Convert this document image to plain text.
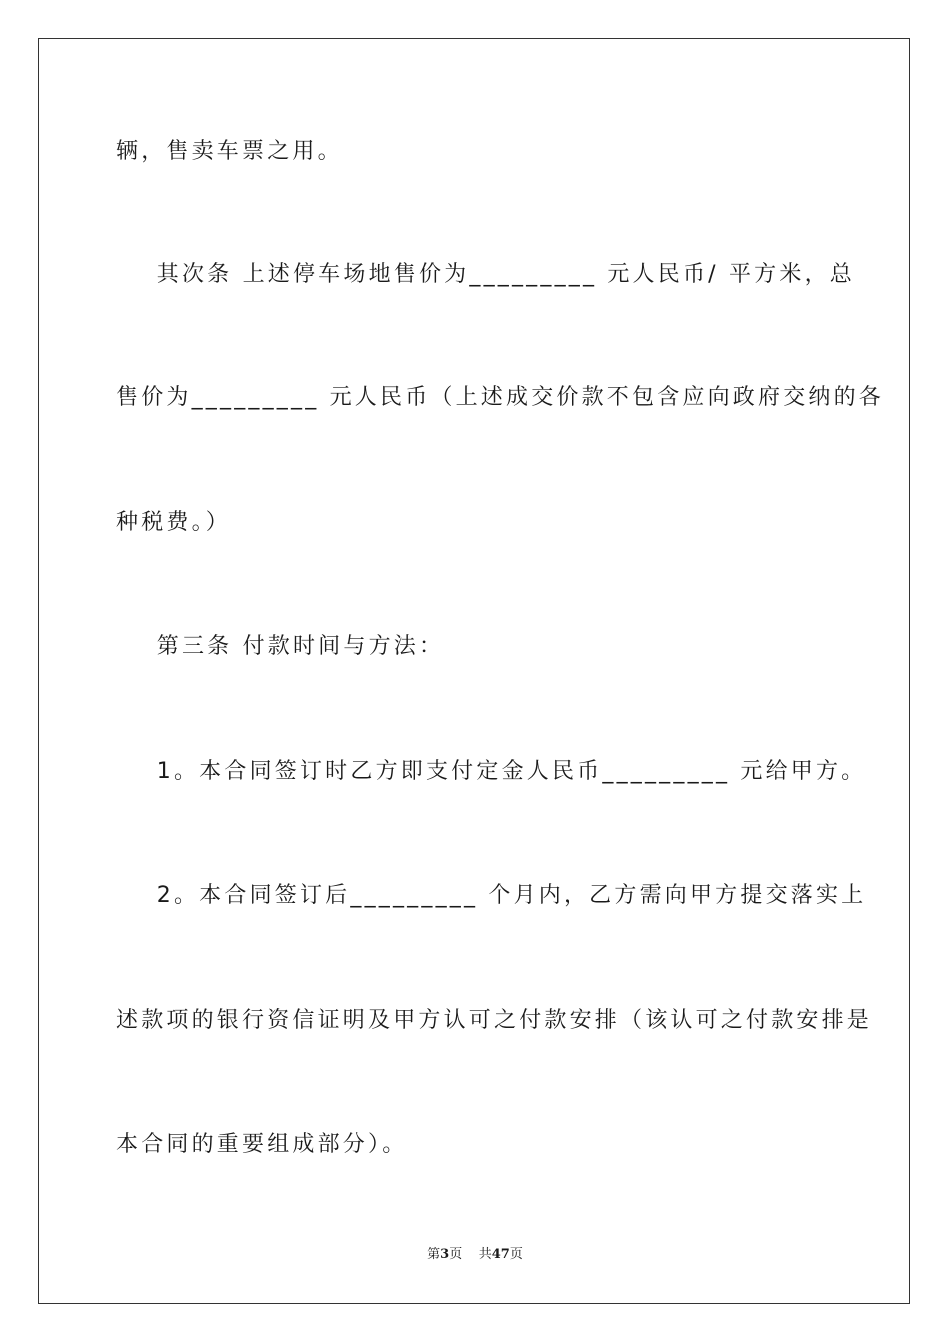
辆，售卖车票之用。
其次条 上述停车场地售价为_________ 元人民币/ 平方米，总
售价为_________ 元人民币（上述成交价款不包含应向政府交纳的各
种税费。）
第三条 付款时间与方法：
1。本合同签订时乙方即支付定金人民币_________ 元给甲方。
2。本合同签订后_________ 个月内，乙方需向甲方提交落实上
述款项的银行资信证明及甲方认可之付款安排（该认可之付款安排是
本合同的重要组成部分）。
第3页 共47页
